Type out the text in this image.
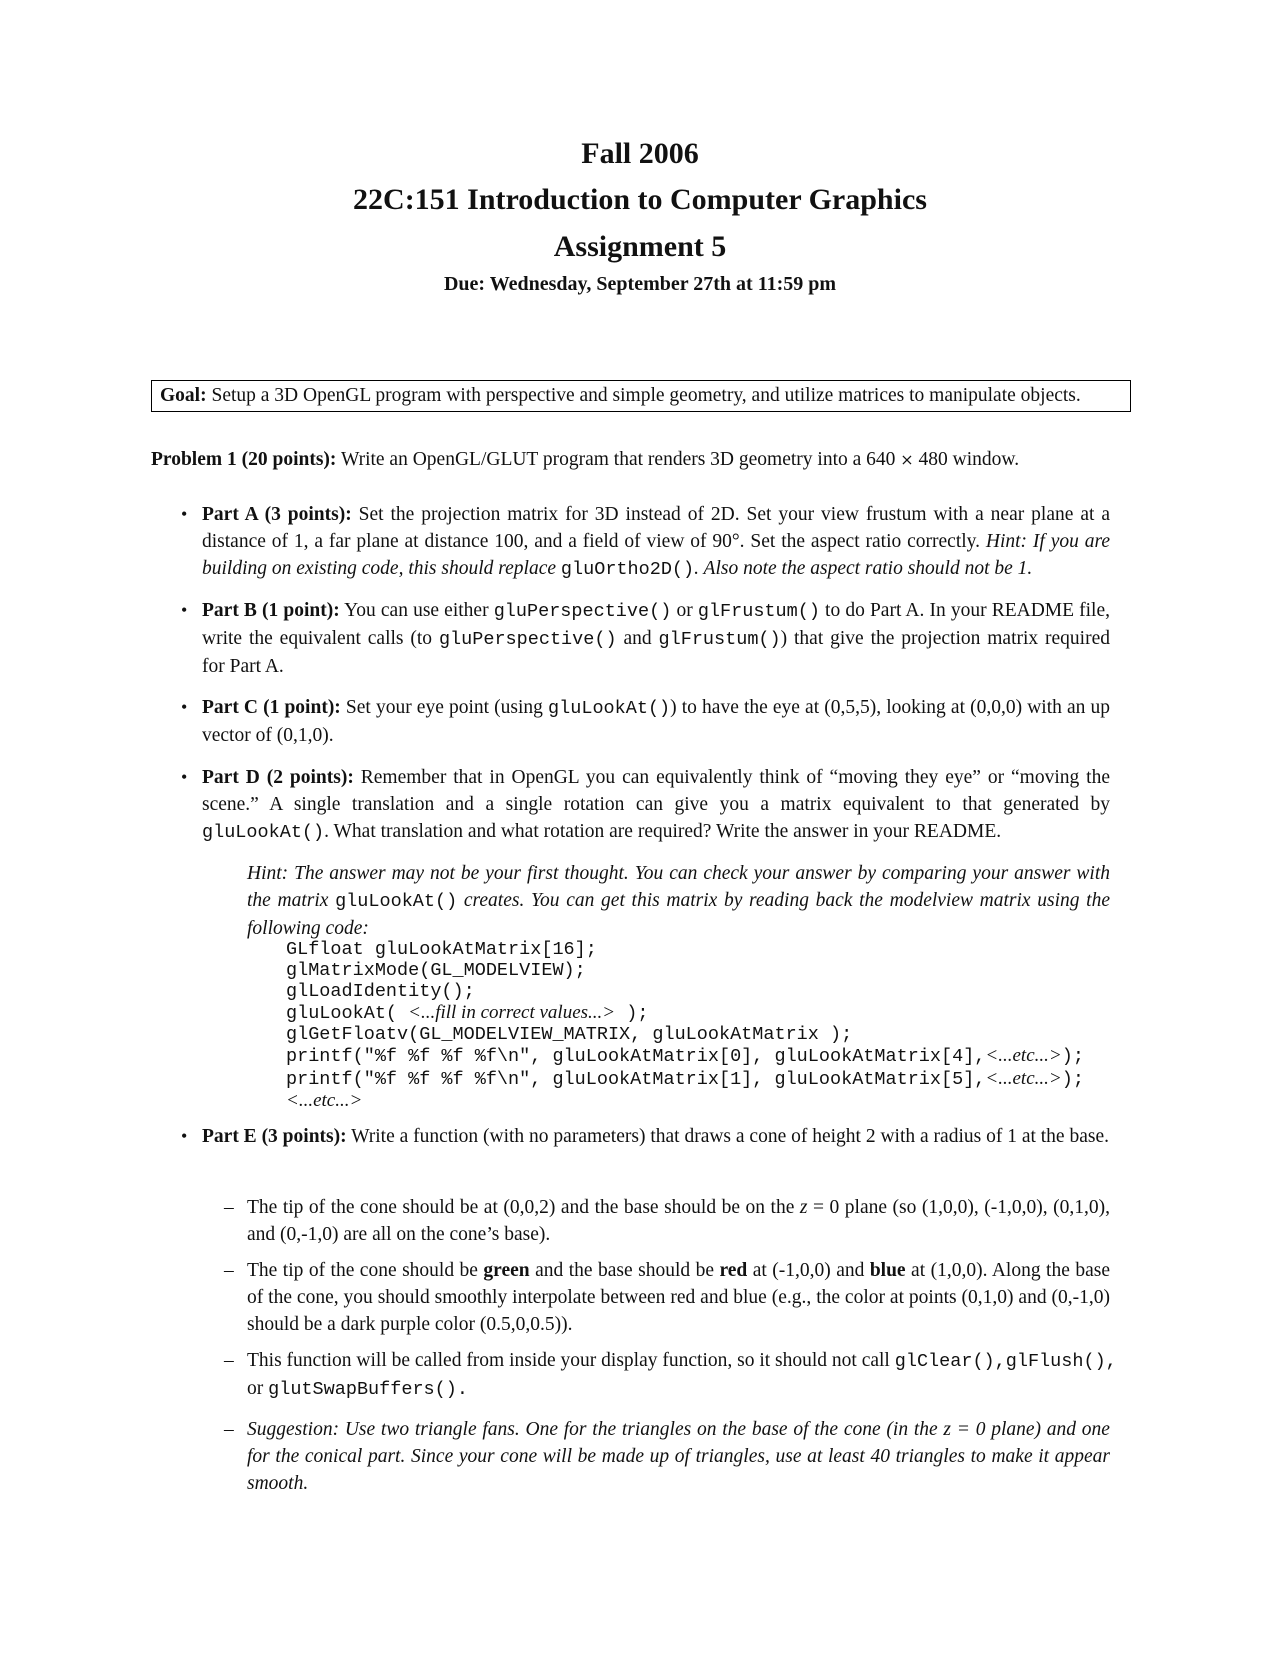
Fall 2006
22C:151 Introduction to Computer Graphics
Assignment 5
Due: Wednesday, September 27th at 11:59 pm
Goal: Setup a 3D OpenGL program with perspective and simple geometry, and utilize matrices to manipulate objects.
Problem 1 (20 points): Write an OpenGL/GLUT program that renders 3D geometry into a 640 × 480 window.
• Part A (3 points): Set the projection matrix for 3D instead of 2D. Set your view frustum with a near plane at a distance of 1, a far plane at distance 100, and a field of view of 90°. Set the aspect ratio correctly. Hint: If you are building on existing code, this should replace gluOrtho2D(). Also note the aspect ratio should not be 1.
• Part B (1 point): You can use either gluPerspective() or glFrustum() to do Part A. In your README file, write the equivalent calls (to gluPerspective() and glFrustum()) that give the projection matrix required for Part A.
• Part C (1 point): Set your eye point (using gluLookAt()) to have the eye at (0,5,5), looking at (0,0,0) with an up vector of (0,1,0).
• Part D (2 points): Remember that in OpenGL you can equivalently think of “moving they eye” or “moving the scene.” A single translation and a single rotation can give you a matrix equivalent to that generated by gluLookAt(). What translation and what rotation are required? Write the answer in your README.
Hint: The answer may not be your first thought. You can check your answer by comparing your answer with the matrix gluLookAt() creates. You can get this matrix by reading back the modelview matrix using the following code:
GLfloat gluLookAtMatrix[16];
glMatrixMode(GL_MODELVIEW);
glLoadIdentity();
gluLookAt( <...fill in correct values...> );
glGetFloatv(GL_MODELVIEW_MATRIX, gluLookAtMatrix );
printf("%f %f %f %f\n", gluLookAtMatrix[0], gluLookAtMatrix[4],<...etc...>);
printf("%f %f %f %f\n", gluLookAtMatrix[1], gluLookAtMatrix[5],<...etc...>);
<...etc...>
• Part E (3 points): Write a function (with no parameters) that draws a cone of height 2 with a radius of 1 at the base.
– The tip of the cone should be at (0,0,2) and the base should be on the z = 0 plane (so (1,0,0), (-1,0,0), (0,1,0), and (0,-1,0) are all on the cone’s base).
– The tip of the cone should be green and the base should be red at (-1,0,0) and blue at (1,0,0). Along the base of the cone, you should smoothly interpolate between red and blue (e.g., the color at points (0,1,0) and (0,-1,0) should be a dark purple color (0.5,0,0.5)).
– This function will be called from inside your display function, so it should not call glClear(),glFlush(),
or glutSwapBuffers().
– Suggestion: Use two triangle fans. One for the triangles on the base of the cone (in the z = 0 plane) and one for the conical part. Since your cone will be made up of triangles, use at least 40 triangles to make it appear smooth.
